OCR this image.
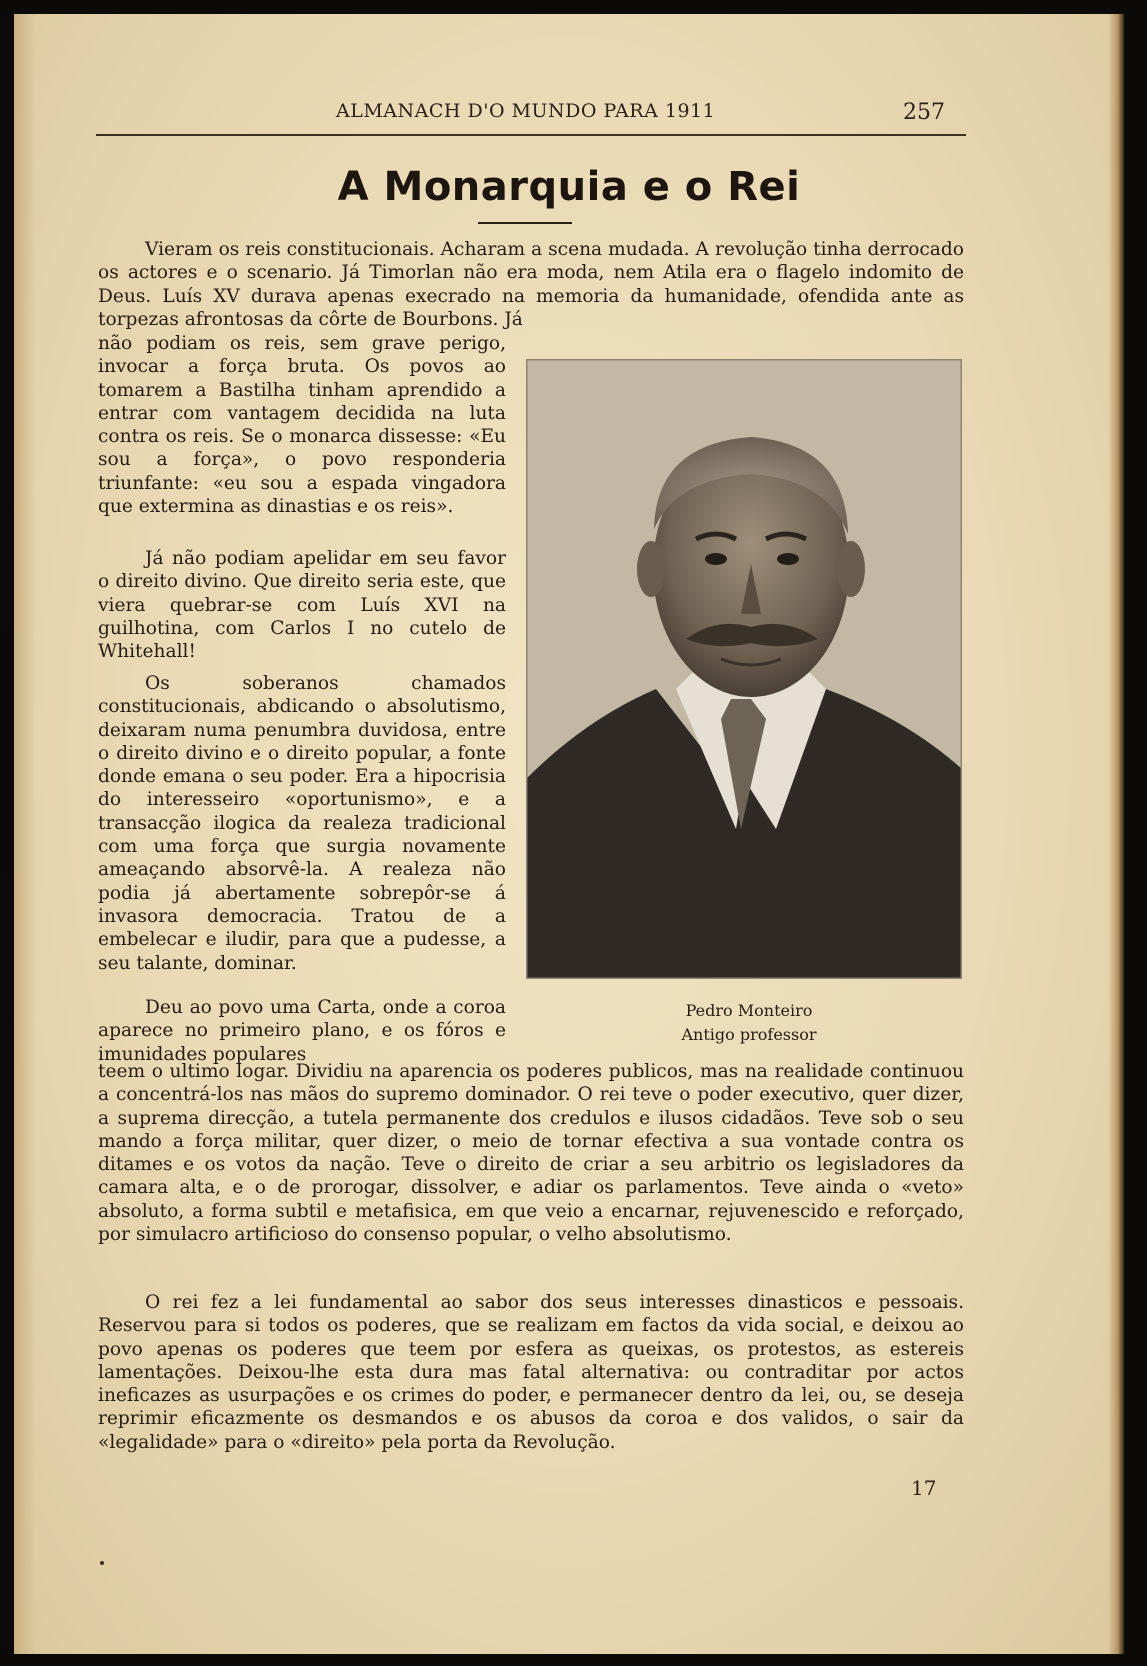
ALMANACH D'O MUNDO PARA 1911	257
A Monarquia e o Rei
Vieram os reis constitucionais. Acharam a scena mudada. A revolução tinha derrocado os actores e o scenario. Já Timorlan não era moda, nem Atila era o flagelo indomito de Deus. Luís XV durava apenas execrado na memoria da humanidade, ofendida ante as torpezas afrontosas da côrte de Bourbons. Já
não podiam os reis, sem grave perigo, invocar a força bruta. Os povos ao tomarem a Bastilha tinham aprendido a entrar com vantagem decidida na luta contra os reis. Se o monarca dissesse: «Eu sou a força», o povo responderia triunfante: «eu sou a espada vingadora que extermina as dinastias e os reis».
Já não podiam apelidar em seu favor o direito divino. Que direito seria este, que viera quebrar-se com Luís XVI na guilhotina, com Carlos I no cutelo de Whitehall!
Os soberanos chamados constitucionais, abdicando o absolutismo, deixaram numa penumbra duvidosa, entre o direito divino e o direito popular, a fonte donde emana o seu poder. Era a hipocrisia do interesseiro «oportunismo», e a transacção ilogica da realeza tradicional com uma força que surgia novamente ameaçando absorvê-la. A realeza não podia já abertamente sobrepôr-se á invasora democracia. Tratou de a embelecar e iludir, para que a pudesse, a seu talante, dominar.
Deu ao povo uma Carta, onde a coroa aparece no primeiro plano, e os fóros e imunidades populares
Pedro Monteiro
Antigo professor
teem o ultimo logar. Dividiu na aparencia os poderes publicos, mas na realidade continuou a concentrá-los nas mãos do supremo dominador. O rei teve o poder executivo, quer dizer, a suprema direcção, a tutela permanente dos credulos e ilusos cidadãos. Teve sob o seu mando a força militar, quer dizer, o meio de tornar efectiva a sua vontade contra os ditames e os votos da nação. Teve o direito de criar a seu arbitrio os legisladores da camara alta, e o de prorogar, dissolver, e adiar os parlamentos. Teve ainda o «veto» absoluto, a forma subtil e metafisica, em que veio a encarnar, rejuvenescido e reforçado, por simulacro artificioso do consenso popular, o velho absolutismo.
O rei fez a lei fundamental ao sabor dos seus interesses dinasticos e pessoais. Reservou para si todos os poderes, que se realizam em factos da vida social, e deixou ao povo apenas os poderes que teem por esfera as queixas, os protestos, as estereis lamentações. Deixou-lhe esta dura mas fatal alternativa: ou contraditar por actos ineficazes as usurpações e os crimes do poder, e permanecer dentro da lei, ou, se deseja reprimir eficazmente os desmandos e os abusos da coroa e dos validos, o sair da «legalidade» para o «direito» pela porta da Revolução.
17
